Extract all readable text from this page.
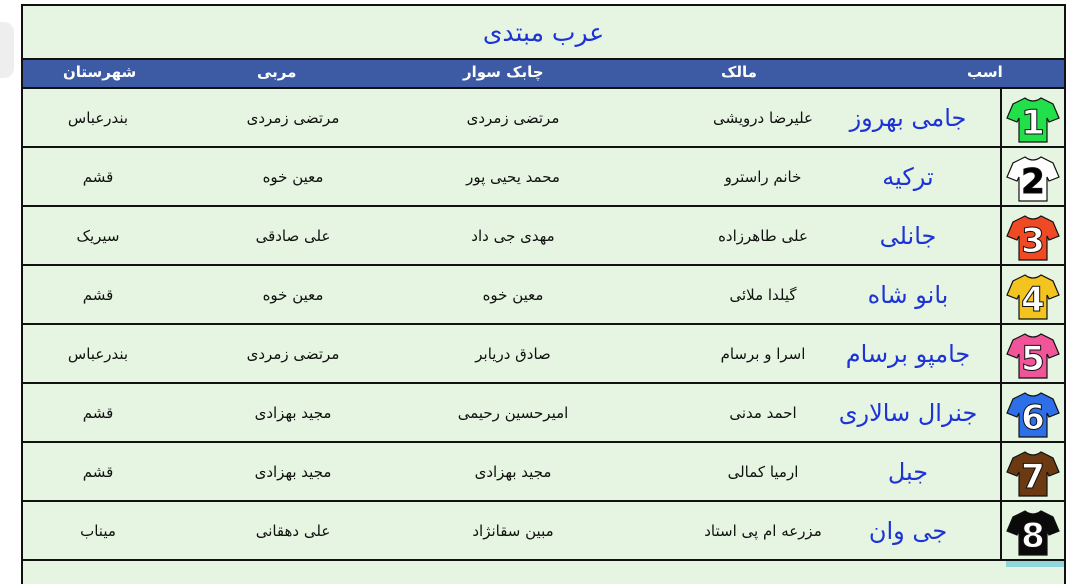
عرب مبتدی
اسب
مالک
چابک سوار
مربی
شهرستان
1
جامی بهروز
علیرضا درویشی
مرتضی زمردی
مرتضی زمردی
بندرعباس
2
ترکیه
خانم راسترو
محمد یحیی پور
معین خوه
قشم
3
جانلی
علی طاهرزاده
مهدی جی داد
علی صادقی
سیریک
4
بانو شاه
گیلدا ملائی
معین خوه
معین خوه
قشم
5
جامپو برسام
اسرا و برسام
صادق دریابر
مرتضی زمردی
بندرعباس
6
جنرال سالاری
احمد مدنی
امیرحسین رحیمی
مجید بهزادی
قشم
7
جبل
ارمیا کمالی
مجید بهزادی
مجید بهزادی
قشم
8
جی وان
مزرعه ام پی استاد
مبین سقانژاد
علی دهقانی
میناب
